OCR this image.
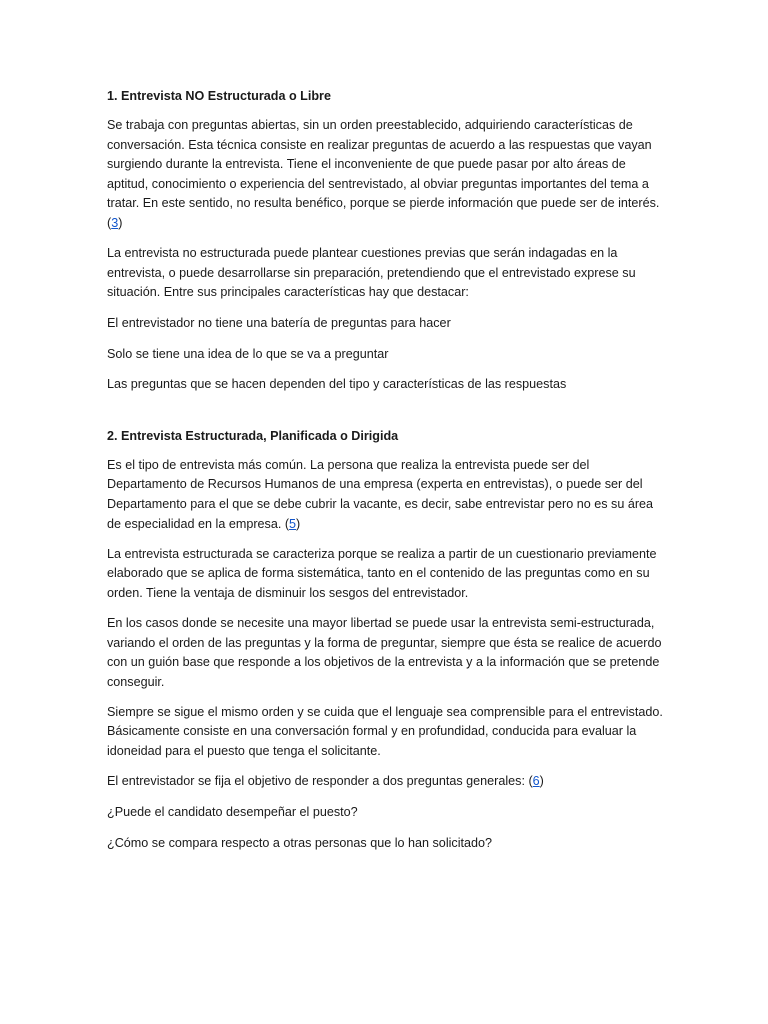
1. Entrevista NO Estructurada o Libre

Se trabaja con preguntas abiertas, sin un orden preestablecido, adquiriendo características de conversación. Esta técnica consiste en realizar preguntas de acuerdo a las respuestas que vayan surgiendo durante la entrevista. Tiene el inconveniente de que puede pasar por alto áreas de aptitud, conocimiento o experiencia del sentrevistado, al obviar preguntas importantes del tema a tratar. En este sentido, no resulta benéfico, porque se pierde información que puede ser de interés. (3)

La entrevista no estructurada puede plantear cuestiones previas que serán indagadas en la entrevista, o puede desarrollarse sin preparación, pretendiendo que el entrevistado exprese su situación. Entre sus principales características hay que destacar:

El entrevistador no tiene una batería de preguntas para hacer

Solo se tiene una idea de lo que se va a preguntar

Las preguntas que se hacen dependen del tipo y características de las respuestas

2. Entrevista Estructurada, Planificada o Dirigida

Es el tipo de entrevista más común. La persona que realiza la entrevista puede ser del Departamento de Recursos Humanos de una empresa (experta en entrevistas), o puede ser del Departamento para el que se debe cubrir la vacante, es decir, sabe entrevistar pero no es su área de especialidad en la empresa. (5)

La entrevista estructurada se caracteriza porque se realiza a partir de un cuestionario previamente elaborado que se aplica de forma sistemática, tanto en el contenido de las preguntas como en su orden. Tiene la ventaja de disminuir los sesgos del entrevistador.

En los casos donde se necesite una mayor libertad se puede usar la entrevista semi-estructurada, variando el orden de las preguntas y la forma de preguntar, siempre que ésta se realice de acuerdo con un guión base que responde a los objetivos de la entrevista y a la información que se pretende conseguir.

Siempre se sigue el mismo orden y se cuida que el lenguaje sea comprensible para el entrevistado. Básicamente consiste en una conversación formal y en profundidad, conducida para evaluar la idoneidad para el puesto que tenga el solicitante.

El entrevistador se fija el objetivo de responder a dos preguntas generales: (6)

¿Puede el candidato desempeñar el puesto?

¿Cómo se compara respecto a otras personas que lo han solicitado?
